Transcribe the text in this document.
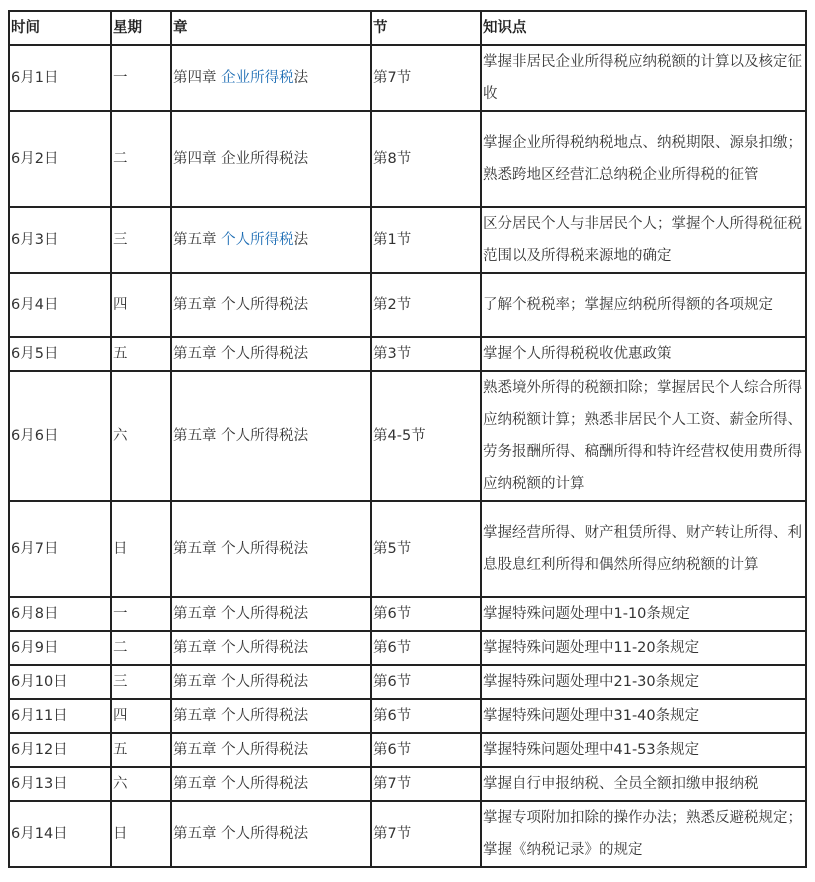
时间	星期	章	节	知识点
6月1日	一	第四章 企业所得税法	第7节	掌握非居民企业所得税应纳税额的计算以及核定征收
6月2日	二	第四章 企业所得税法	第8节	掌握企业所得税纳税地点、纳税期限、源泉扣缴；熟悉跨地区经营汇总纳税企业所得税的征管
6月3日	三	第五章 个人所得税法	第1节	区分居民个人与非居民个人；掌握个人所得税征税范围以及所得税来源地的确定
6月4日	四	第五章 个人所得税法	第2节	了解个税税率；掌握应纳税所得额的各项规定
6月5日	五	第五章 个人所得税法	第3节	掌握个人所得税税收优惠政策
6月6日	六	第五章 个人所得税法	第4-5节	熟悉境外所得的税额扣除；掌握居民个人综合所得应纳税额计算；熟悉非居民个人工资、薪金所得、劳务报酬所得、稿酬所得和特许经营权使用费所得应纳税额的计算
6月7日	日	第五章 个人所得税法	第5节	掌握经营所得、财产租赁所得、财产转让所得、利息股息红利所得和偶然所得应纳税额的计算
6月8日	一	第五章 个人所得税法	第6节	掌握特殊问题处理中1-10条规定
6月9日	二	第五章 个人所得税法	第6节	掌握特殊问题处理中11-20条规定
6月10日	三	第五章 个人所得税法	第6节	掌握特殊问题处理中21-30条规定
6月11日	四	第五章 个人所得税法	第6节	掌握特殊问题处理中31-40条规定
6月12日	五	第五章 个人所得税法	第6节	掌握特殊问题处理中41-53条规定
6月13日	六	第五章 个人所得税法	第7节	掌握自行申报纳税、全员全额扣缴申报纳税
6月14日	日	第五章 个人所得税法	第7节	掌握专项附加扣除的操作办法；熟悉反避税规定；掌握《纳税记录》的规定
